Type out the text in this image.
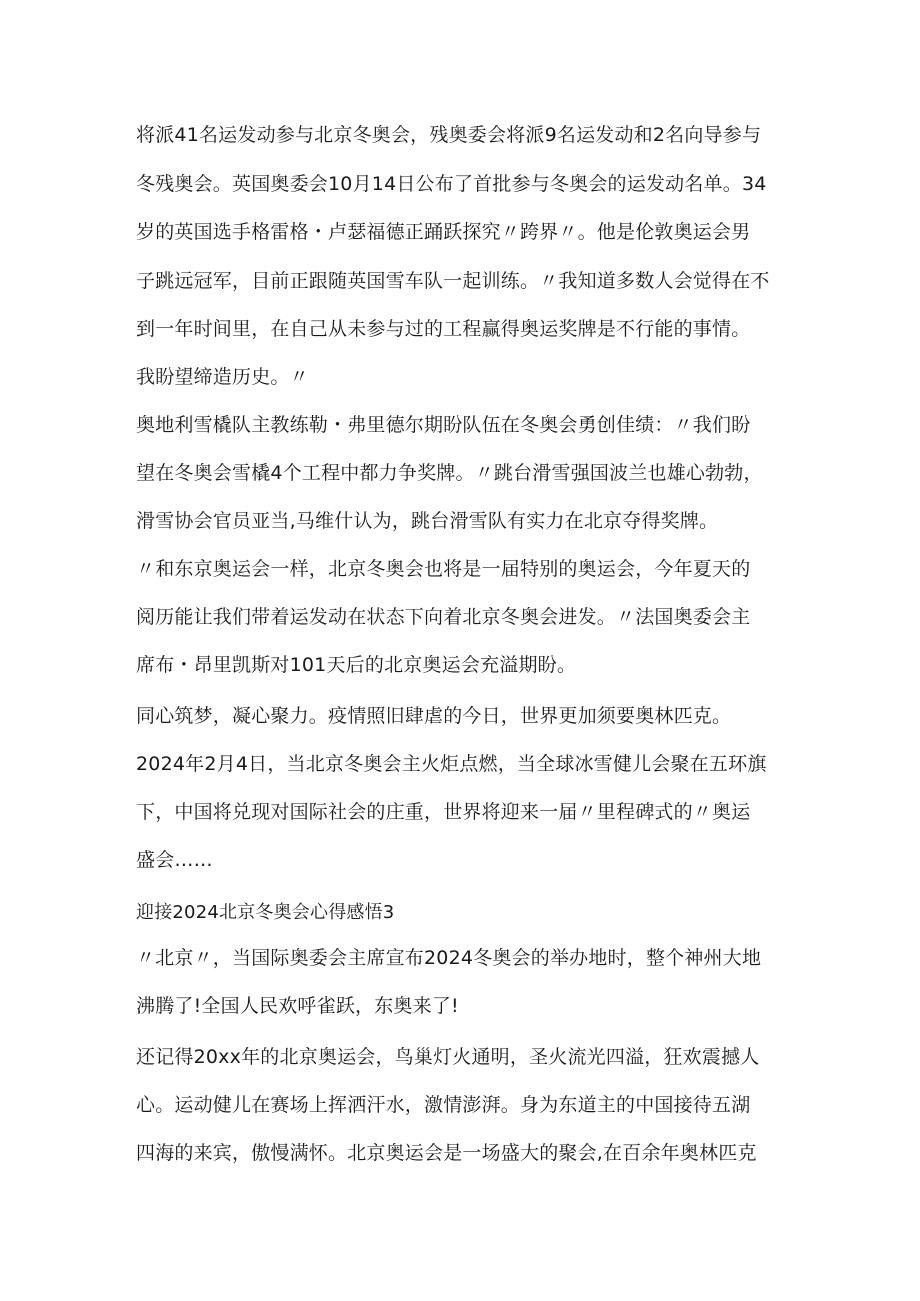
将派41名运发动参与北京冬奥会，残奥委会将派9名运发动和2名向导参与
冬残奥会。英国奥委会10月14日公布了首批参与冬奥会的运发动名单。34
岁的英国选手格雷格・卢瑟福德正踊跃探究〃跨界〃。他是伦敦奥运会男
子跳远冠军，目前正跟随英国雪车队一起训练。〃我知道多数人会觉得在不
到一年时间里，在自己从未参与过的工程赢得奥运奖牌是不行能的事情。
我盼望缔造历史。〃
奥地利雪橇队主教练勒・弗里德尔期盼队伍在冬奥会勇创佳绩：〃我们盼
望在冬奥会雪橇4个工程中都力争奖牌。〃跳台滑雪强国波兰也雄心勃勃，
滑雪协会官员亚当,马维什认为，跳台滑雪队有实力在北京夺得奖牌。
〃和东京奥运会一样，北京冬奥会也将是一届特别的奥运会，今年夏天的
阅历能让我们带着运发动在状态下向着北京冬奥会进发。〃法国奥委会主
席布・昂里凯斯对101天后的北京奥运会充溢期盼。
同心筑梦，凝心聚力。疫情照旧肆虐的今日，世界更加须要奥林匹克。
2024年2月4日，当北京冬奥会主火炬点燃，当全球冰雪健儿会聚在五环旗
下，中国将兑现对国际社会的庄重，世界将迎来一届〃里程碑式的〃奥运
盛会……
迎接2024北京冬奥会心得感悟3
〃北京〃，当国际奥委会主席宣布2024冬奥会的举办地时，整个神州大地
沸腾了!全国人民欢呼雀跃，东奥来了!
还记得20xx年的北京奥运会，鸟巢灯火通明，圣火流光四溢，狂欢震撼人
心。运动健儿在赛场上挥洒汗水，激情澎湃。身为东道主的中国接待五湖
四海的来宾，傲慢满怀。北京奥运会是一场盛大的聚会,在百余年奥林匹克
